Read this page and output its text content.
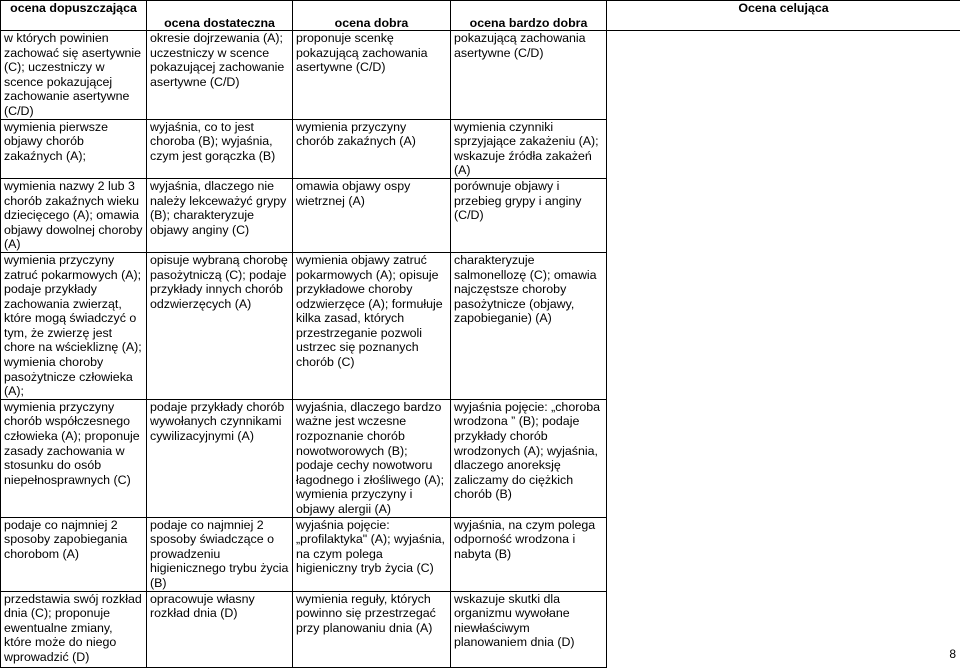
ocena dopuszczająca	ocena dostateczna	ocena dobra	ocena bardzo dobra	Ocena celująca
w których powinien zachować się asertywnie (C); uczestniczy w scence pokazującej zachowanie asertywne (C/D)	okresie dojrzewania (A); uczestniczy w scence pokazującej zachowanie asertywne (C/D)	proponuje scenkę pokazującą zachowania asertywne (C/D)	pokazującą zachowania asertywne (C/D)	
wymienia pierwsze objawy chorób zakaźnych (A);	wyjaśnia, co to jest choroba (B); wyjaśnia, czym jest gorączka (B)	wymienia przyczyny chorób zakaźnych (A)	wymienia czynniki sprzyjające zakażeniu (A); wskazuje źródła zakażeń (A)	
wymienia nazwy 2 lub 3 chorób zakaźnych wieku dziecięcego (A); omawia objawy dowolnej choroby (A)	wyjaśnia, dlaczego nie należy lekceważyć grypy (B); charakteryzuje objawy anginy (C)	omawia objawy ospy wietrznej (A)	porównuje objawy i przebieg grypy i anginy (C/D)	
wymienia przyczyny zatruć pokarmowych (A); podaje przykłady zachowania zwierząt, które mogą świadczyć o tym, że zwierzę jest chore na wściekliznę (A); wymienia choroby pasożytnicze człowieka (A);	opisuje wybraną chorobę pasożytniczą (C); podaje przykłady innych chorób odzwierzęcych (A)	wymienia objawy zatruć pokarmowych (A); opisuje przykładowe choroby odzwierzęce (A); formułuje kilka zasad, których przestrzeganie pozwoli ustrzec się poznanych chorób (C)	charakteryzuje salmonellozę (C); omawia najczęstsze choroby pasożytnicze (objawy, zapobieganie) (A)	
wymienia przyczyny chorób współczesnego człowieka (A); proponuje zasady zachowania w stosunku do osób niepełnosprawnych (C)	podaje przykłady chorób wywołanych czynnikami cywilizacyjnymi (A)	wyjaśnia, dlaczego bardzo ważne jest wczesne rozpoznanie chorób nowotworowych (B); podaje cechy nowotworu łagodnego i złośliwego (A); wymienia przyczyny i objawy alergii (A)	wyjaśnia pojęcie: „choroba wrodzona ” (B); podaje przykłady chorób wrodzonych (A); wyjaśnia, dlaczego anoreksję zaliczamy do ciężkich chorób (B)	
podaje co najmniej 2 sposoby zapobiegania chorobom (A)	podaje co najmniej 2 sposoby świadczące o prowadzeniu higienicznego trybu życia (B)	wyjaśnia pojęcie: „profilaktyka" (A); wyjaśnia, na czym polega higieniczny tryb życia (C)	wyjaśnia, na czym polega odporność wrodzona i nabyta (B)	
przedstawia swój rozkład dnia (C); proponuje ewentualne zmiany, które może do niego wprowadzić (D)	opracowuje własny rozkład dnia (D)	wymienia reguły, których powinno się przestrzegać przy planowaniu dnia (A)	wskazuje skutki dla organizmu wywołane niewłaściwym planowaniem dnia (D)	
8
